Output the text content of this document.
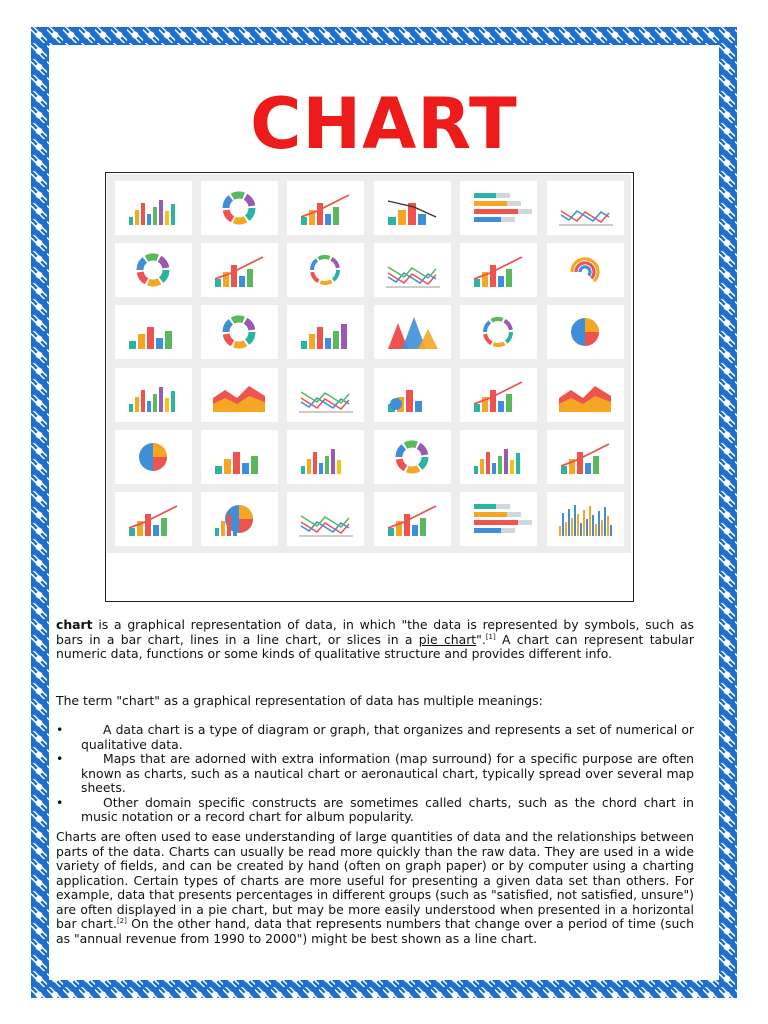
CHART

chart is a graphical representation of data, in which "the data is represented by symbols, such as bars in a bar chart, lines in a line chart, or slices in a pie chart".[1] A chart can represent tabular numeric data, functions or some kinds of qualitative structure and provides different info.

The term "chart" as a graphical representation of data has multiple meanings:

•	A data chart is a type of diagram or graph, that organizes and represents a set of numerical or qualitative data.
•	Maps that are adorned with extra information (map surround) for a specific purpose are often known as charts, such as a nautical chart or aeronautical chart, typically spread over several map sheets.
•	Other domain specific constructs are sometimes called charts, such as the chord chart in music notation or a record chart for album popularity.

Charts are often used to ease understanding of large quantities of data and the relationships between parts of the data. Charts can usually be read more quickly than the raw data. They are used in a wide variety of fields, and can be created by hand (often on graph paper) or by computer using a charting application. Certain types of charts are more useful for presenting a given data set than others. For example, data that presents percentages in different groups (such as "satisfied, not satisfied, unsure") are often displayed in a pie chart, but may be more easily understood when presented in a horizontal bar chart.[2] On the other hand, data that represents numbers that change over a period of time (such as "annual revenue from 1990 to 2000") might be best shown as a line chart.
